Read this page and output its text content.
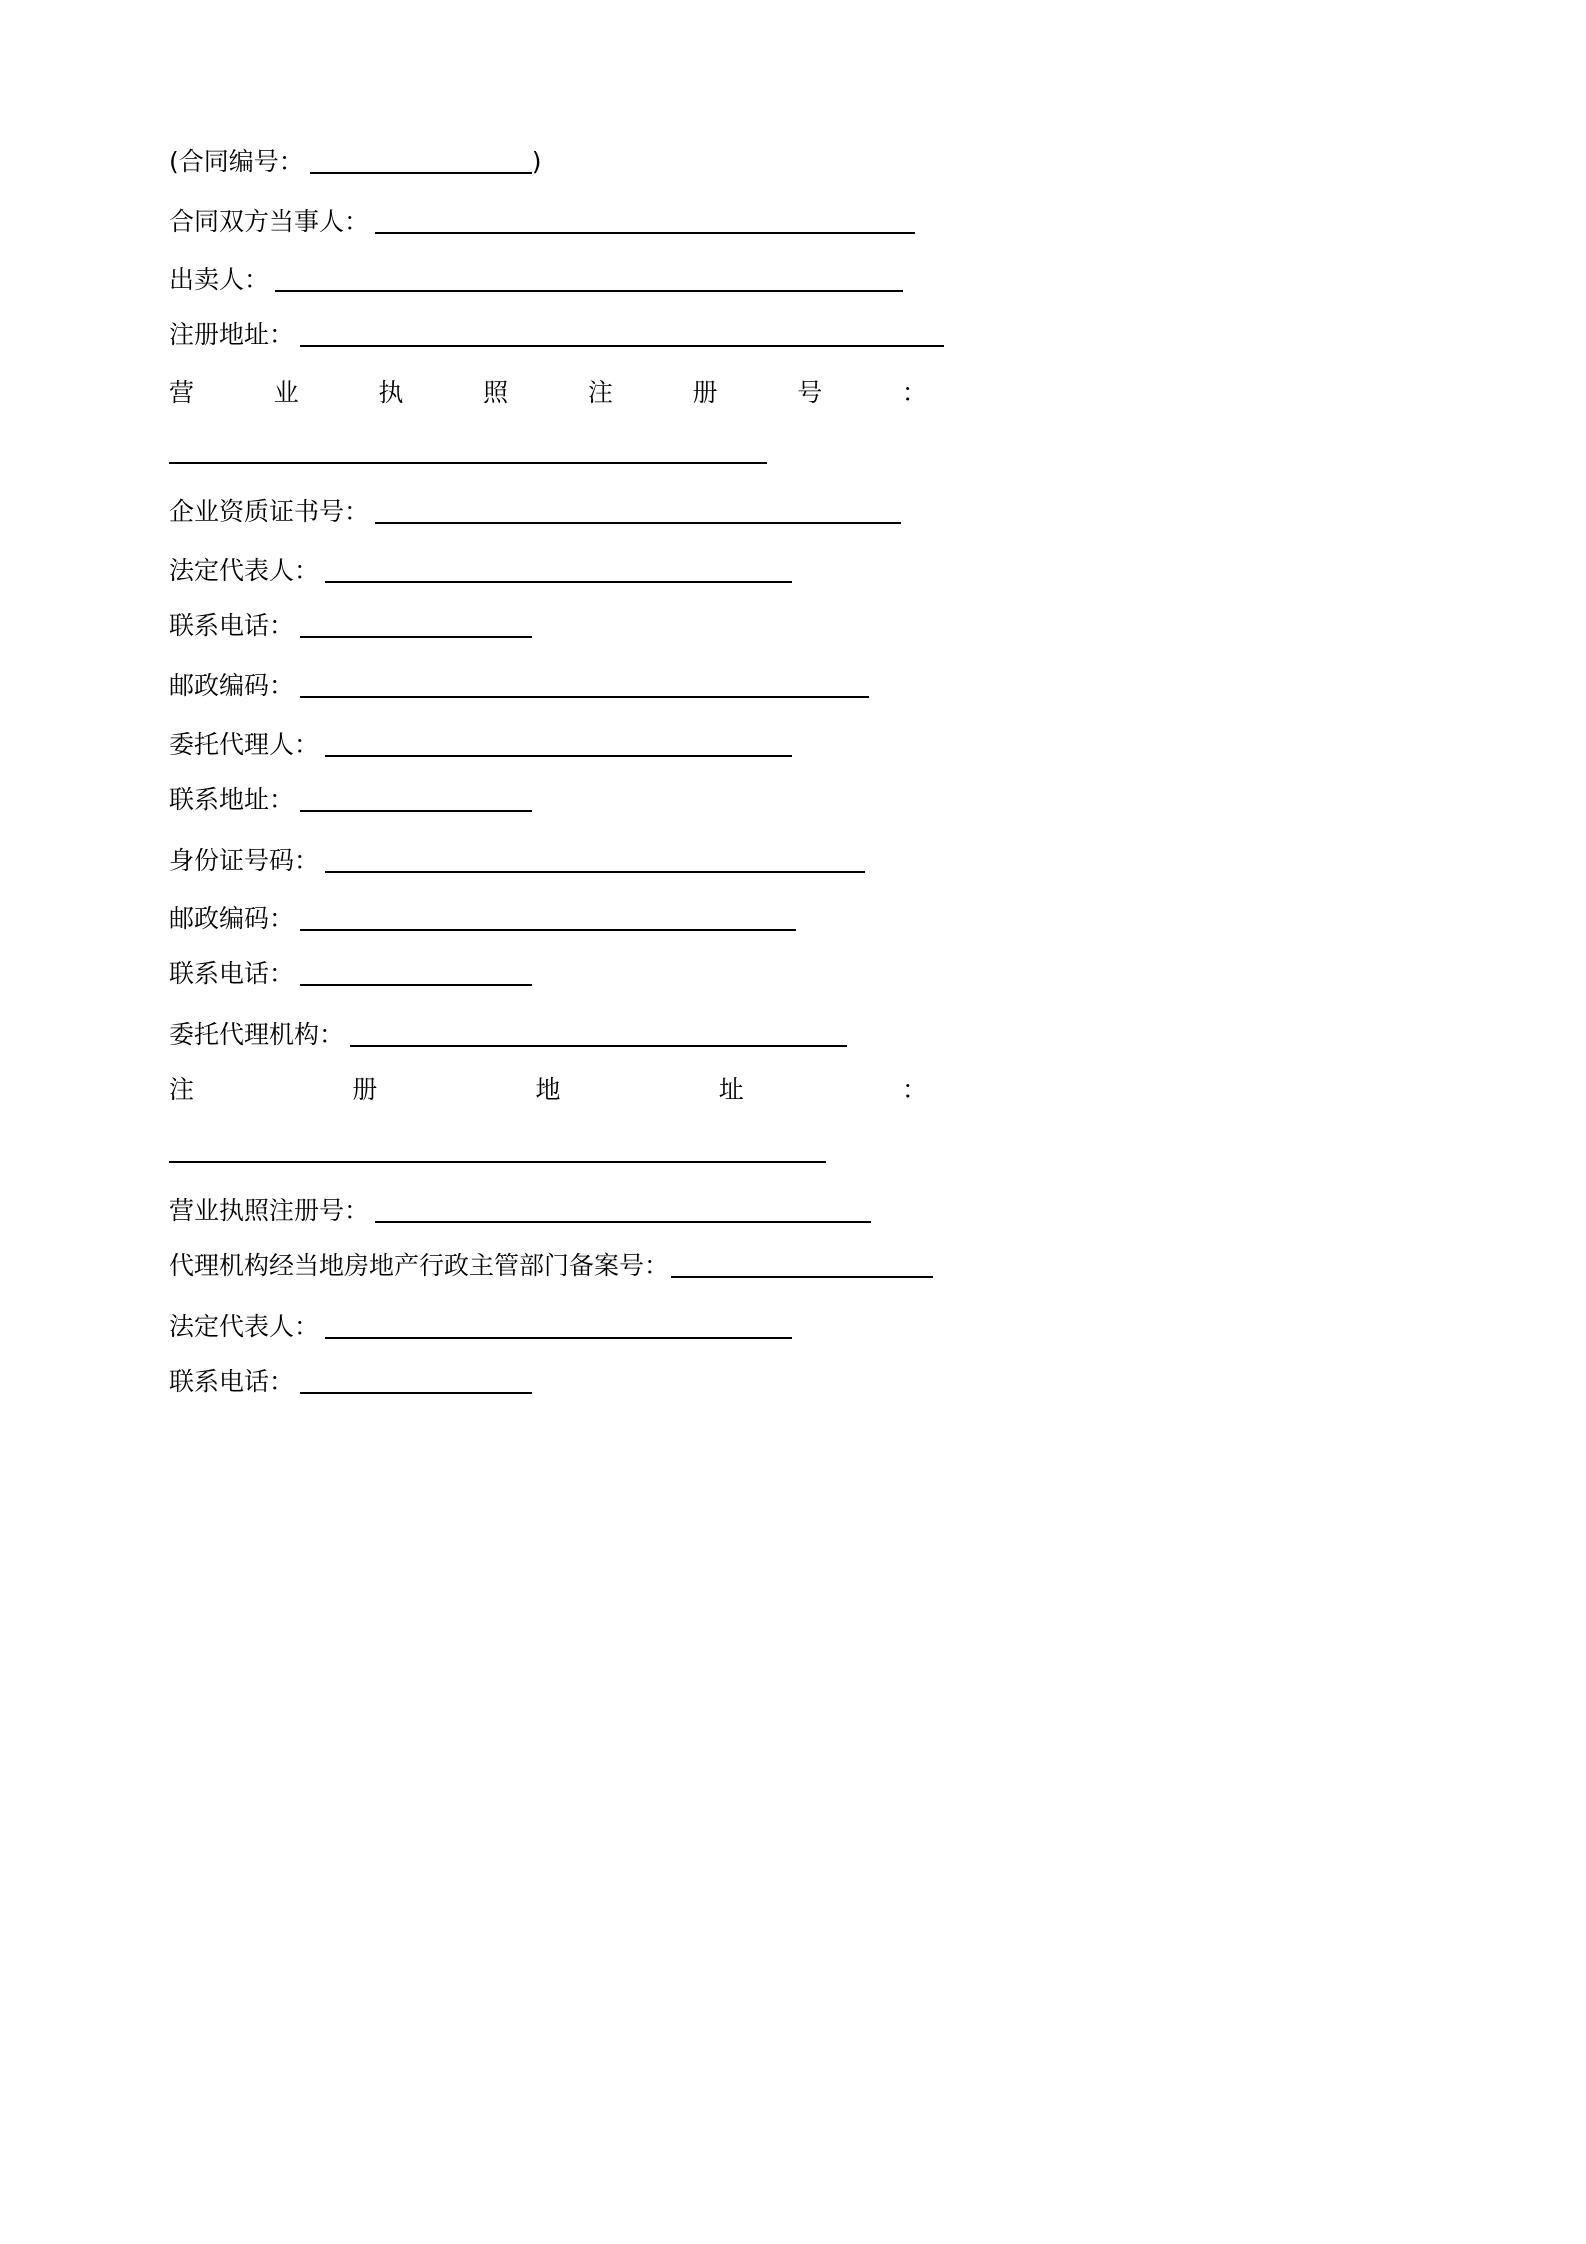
(合同编号：	)
合同双方当事人：
出卖人：
注册地址：
营	业	执	照	注	册	号	：
企业资质证书号：
法定代表人：
联系电话：
邮政编码：
委托代理人：
联系地址：
身份证号码：
邮政编码：
联系电话：
委托代理机构：
注	册	地	址	：
营业执照注册号：
代理机构经当地房地产行政主管部门备案号：
法定代表人：
联系电话：
